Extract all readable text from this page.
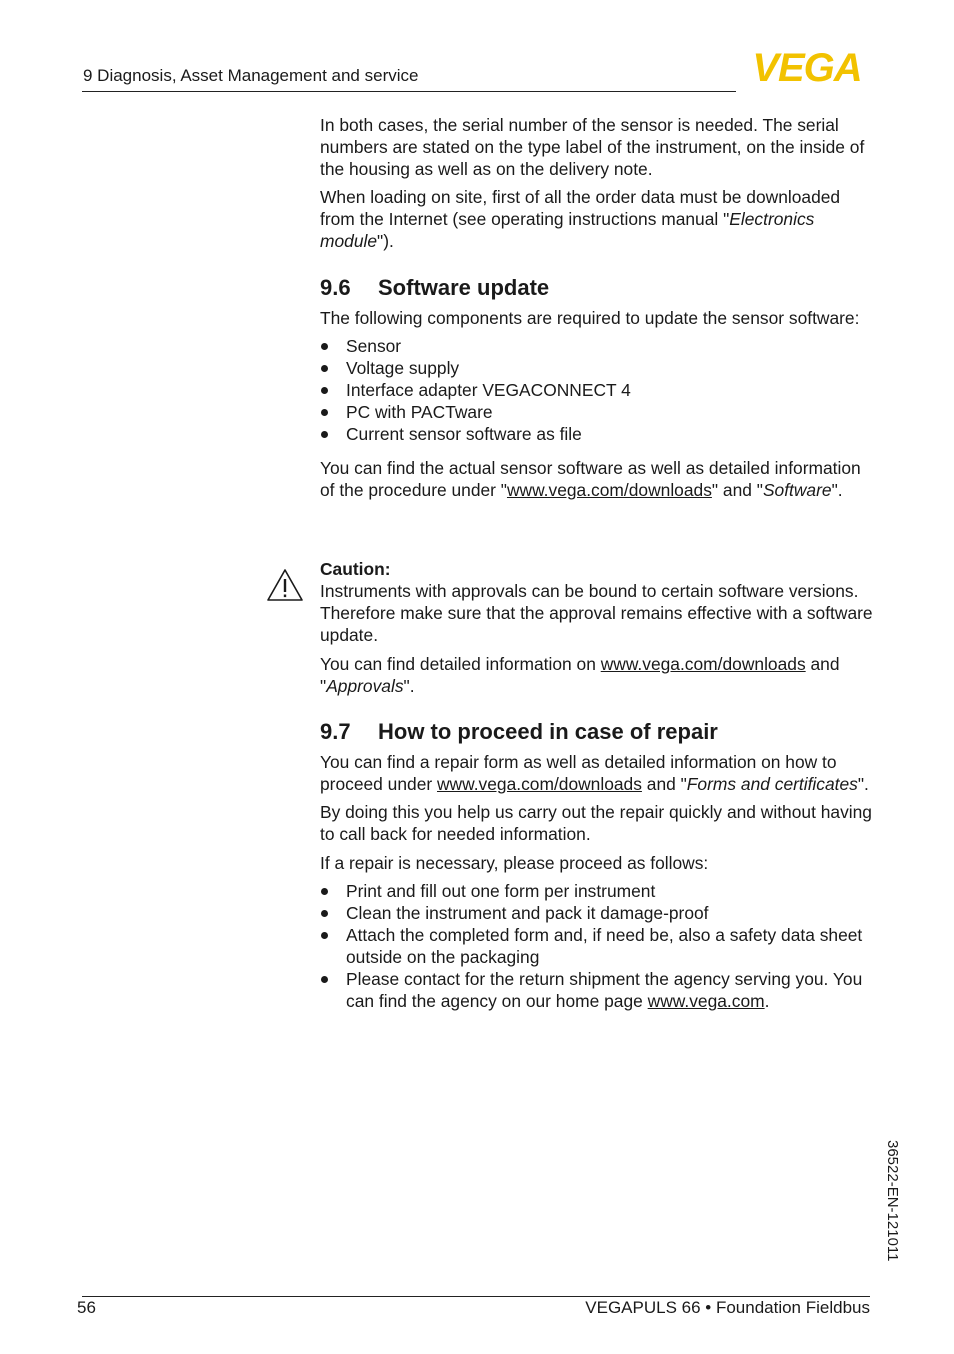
9 Diagnosis, Asset Management and service	VEGA

In both cases, the serial number of the sensor is needed. The serial numbers are stated on the type label of the instrument, on the inside of the housing as well as on the delivery note.

When loading on site, first of all the order data must be downloaded from the Internet (see operating instructions manual "Electronics module").

9.6 Software update

The following components are required to update the sensor software:

Sensor
Voltage supply
Interface adapter VEGACONNECT 4
PC with PACTware
Current sensor software as file

You can find the actual sensor software as well as detailed information of the procedure under "www.vega.com/downloads" and "Software".

Caution:

Instruments with approvals can be bound to certain software versions. Therefore make sure that the approval remains effective with a software update.

You can find detailed information on www.vega.com/downloads and "Approvals".

9.7 How to proceed in case of repair

You can find a repair form as well as detailed information on how to proceed under www.vega.com/downloads and "Forms and certificates".

By doing this you help us carry out the repair quickly and without having to call back for needed information.

If a repair is necessary, please proceed as follows:

Print and fill out one form per instrument
Clean the instrument and pack it damage-proof
Attach the completed form and, if need be, also a safety data sheet outside on the packaging
Please contact for the return shipment the agency serving you. You can find the agency on our home page www.vega.com.
36522-EN-121011
56	VEGAPULS 66 • Foundation Fieldbus
